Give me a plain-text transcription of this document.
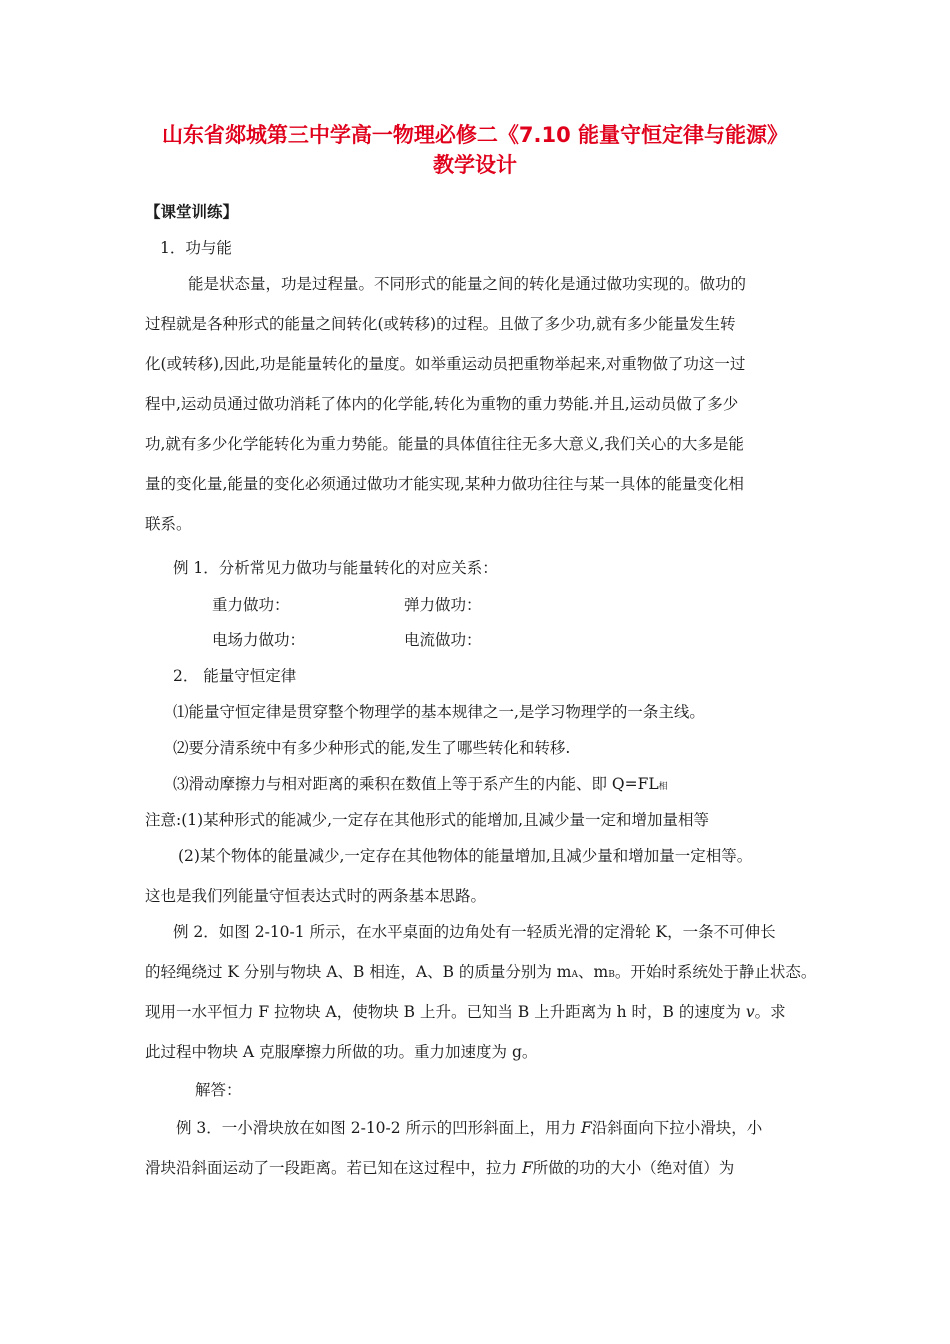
山东省郯城第三中学高一物理必修二《7.10 能量守恒定律与能源》
教学设计
【课堂训练】
1．功与能
能是状态量，功是过程量。不同形式的能量之间的转化是通过做功实现的。做功的
过程就是各种形式的能量之间转化(或转移)的过程。且做了多少功,就有多少能量发生转
化(或转移),因此,功是能量转化的量度。如举重运动员把重物举起来,对重物做了功这一过
程中,运动员通过做功消耗了体内的化学能,转化为重物的重力势能.并且,运动员做了多少
功,就有多少化学能转化为重力势能。能量的具体值往往无多大意义,我们关心的大多是能
量的变化量,能量的变化必须通过做功才能实现,某种力做功往往与某一具体的能量变化相
联系。
例 1．分析常见力做功与能量转化的对应关系：
重力做功：	弹力做功：
电场力做功：	电流做功：
2． 能量守恒定律
⑴能量守恒定律是贯穿整个物理学的基本规律之一,是学习物理学的一条主线。
⑵要分清系统中有多少种形式的能,发生了哪些转化和转移.
⑶滑动摩擦力与相对距离的乘积在数值上等于系产生的内能、即 Q=FL相
注意:(1)某种形式的能减少,一定存在其他形式的能增加,且减少量一定和增加量相等
(2)某个物体的能量减少,一定存在其他物体的能量增加,且减少量和增加量一定相等。
这也是我们列能量守恒表达式时的两条基本思路。
例 2．如图 2-10-1 所示，在水平桌面的边角处有一轻质光滑的定滑轮 K，一条不可伸长
的轻绳绕过 K 分别与物块 A、B 相连，A、B 的质量分别为 mA、mB。开始时系统处于静止状态。
现用一水平恒力 F 拉物块 A，使物块 B 上升。已知当 B 上升距离为 h 时，B 的速度为 v。求
此过程中物块 A 克服摩擦力所做的功。重力加速度为 g。
解答：
例 3．一小滑块放在如图 2-10-2 所示的凹形斜面上，用力 F沿斜面向下拉小滑块，小
滑块沿斜面运动了一段距离。若已知在这过程中，拉力 F所做的功的大小（绝对值）为
